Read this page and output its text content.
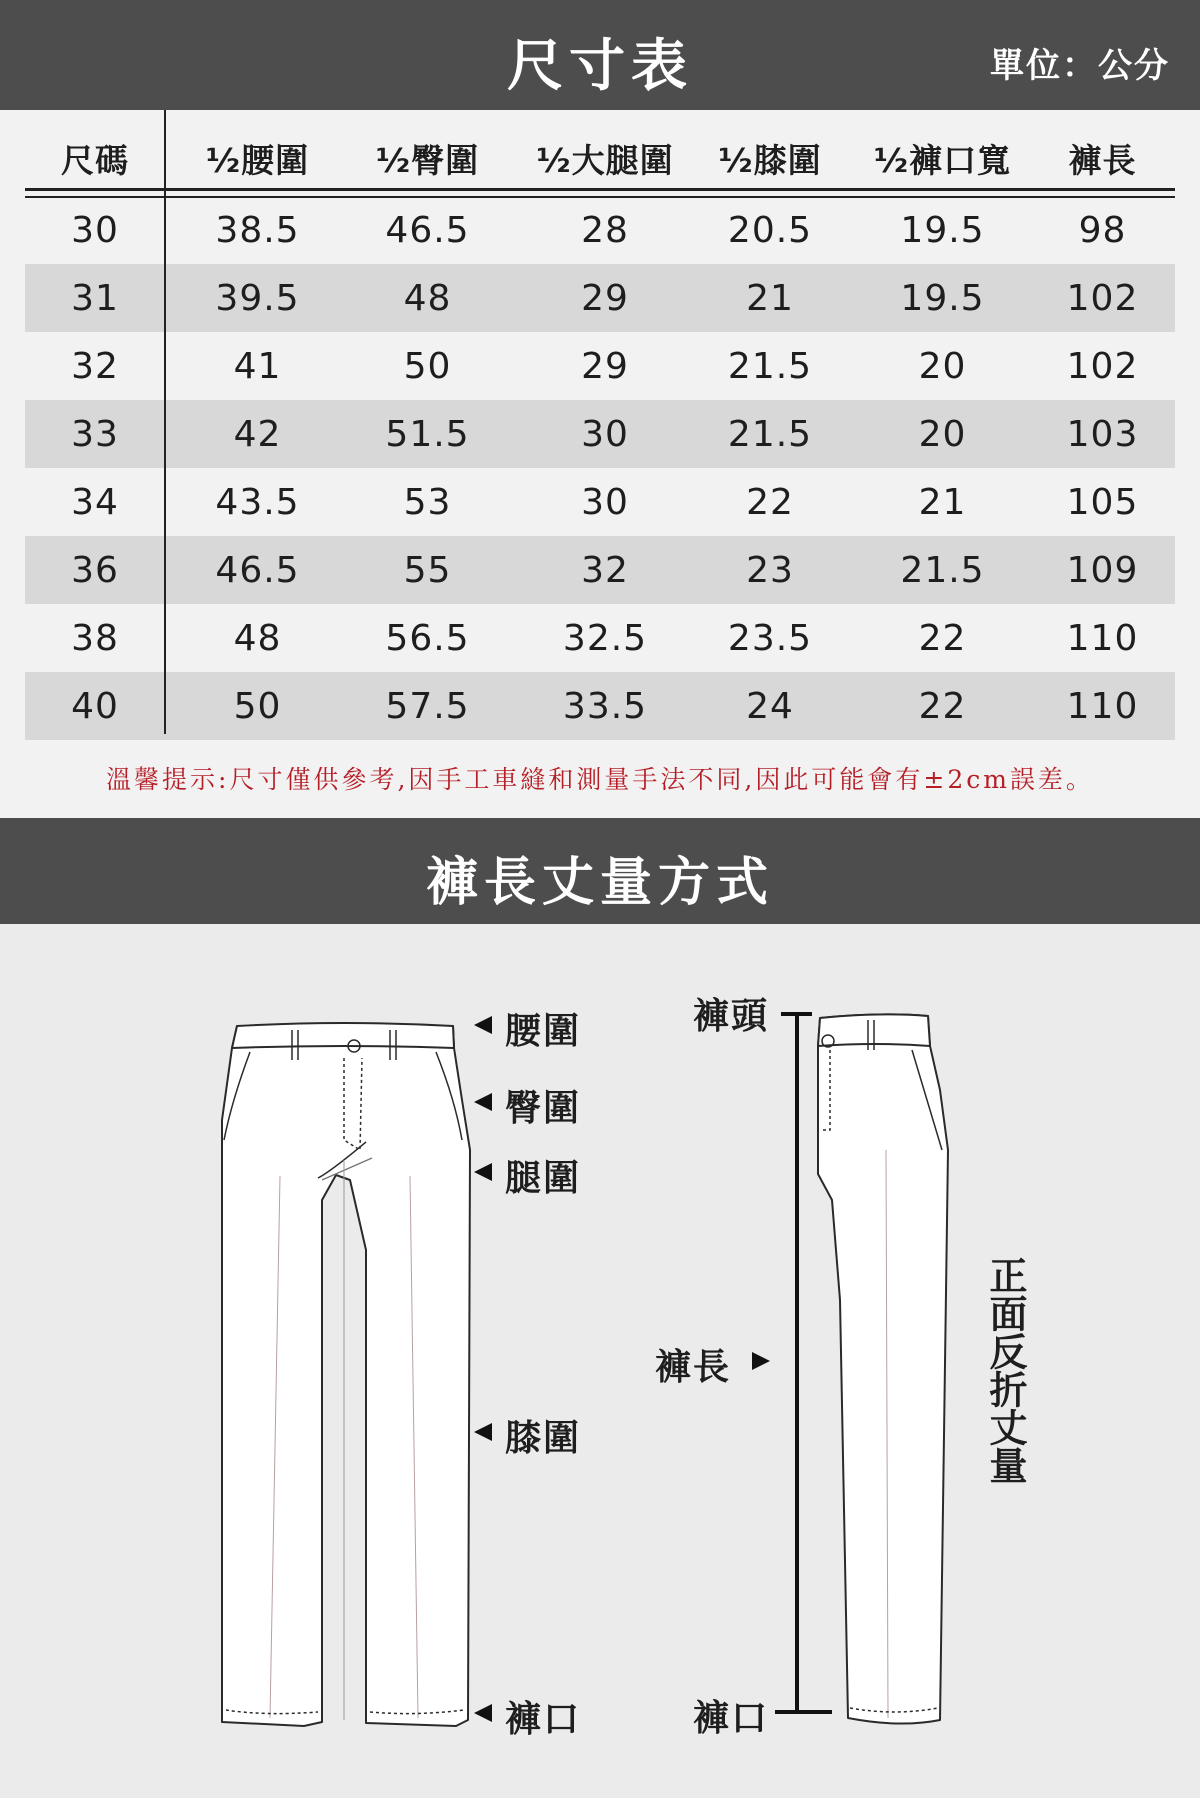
尺寸表	單位：公分
尺碼	½腰圍	½臀圍	½大腿圍	½膝圍	½褲口寬	褲長
30	38.5	46.5	28	20.5	19.5	98
31	39.5	48	29	21	19.5	102
32	41	50	29	21.5	20	102
33	42	51.5	30	21.5	20	103
34	43.5	53	30	22	21	105
36	46.5	55	32	23	21.5	109
38	48	56.5	32.5	23.5	22	110
40	50	57.5	33.5	24	22	110
溫馨提示:尺寸僅供參考,因手工車縫和測量手法不同,因此可能會有±2cm誤差。
褲長丈量方式
腰圍
臀圍
腿圍
膝圍
褲口
褲頭
褲長
褲口
正面反折丈量
